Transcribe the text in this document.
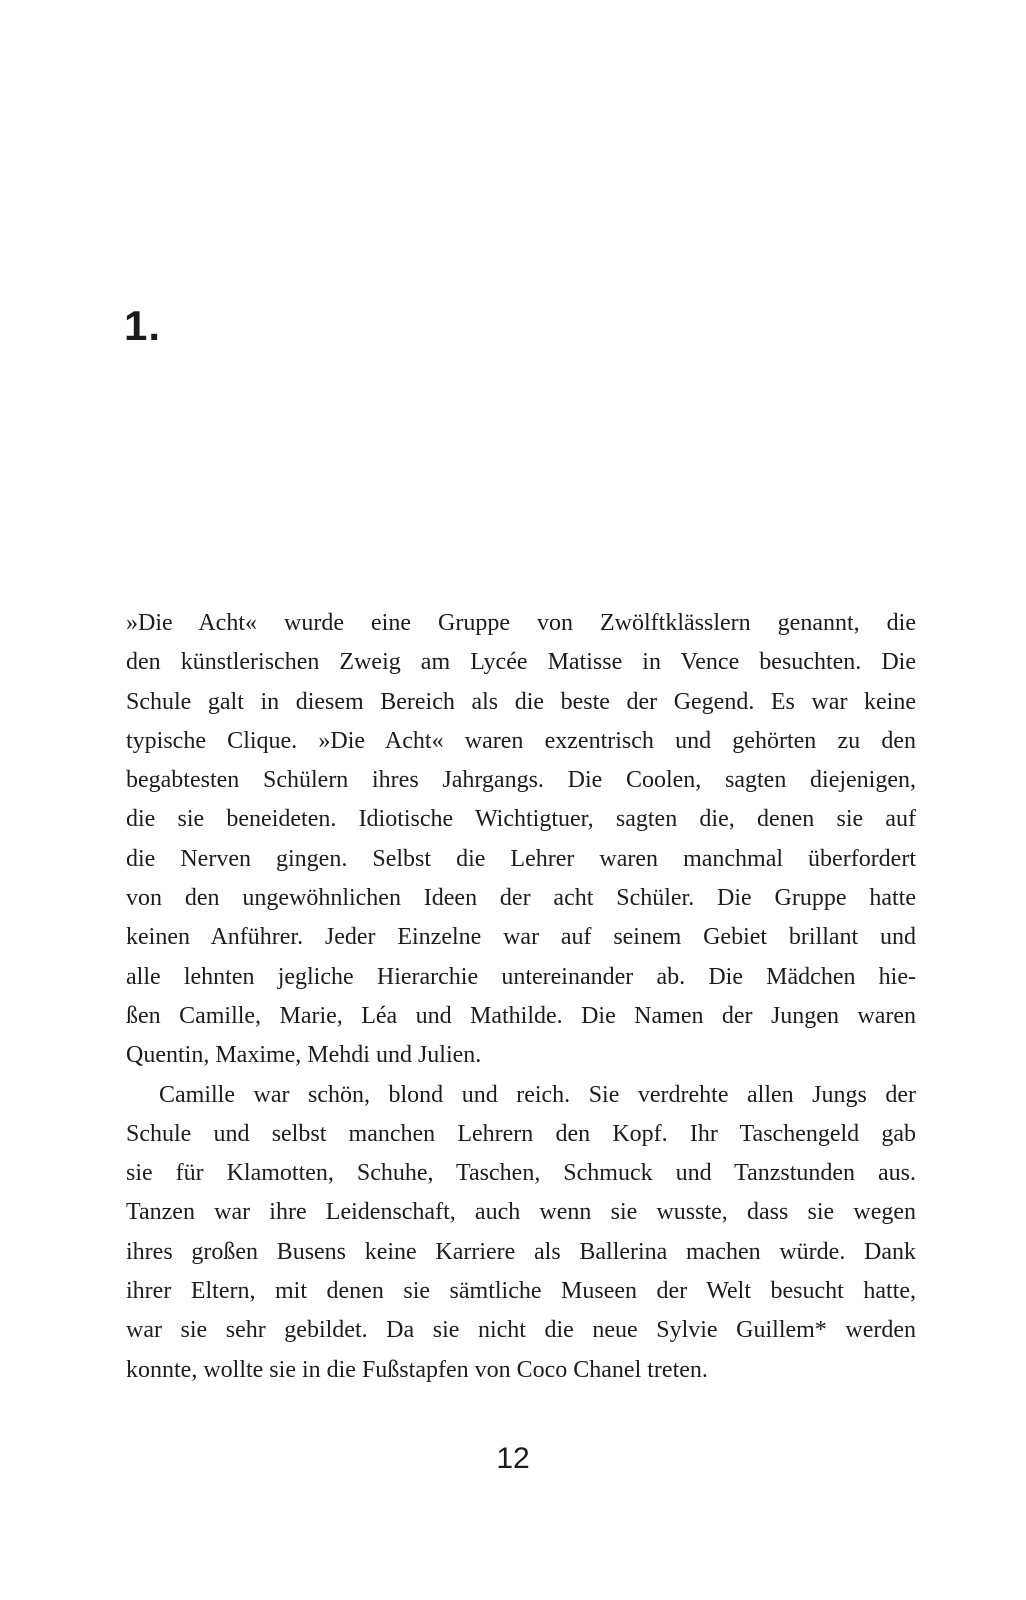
1.
»Die Acht« wurde eine Gruppe von Zwölftklässlern genannt, die
den künstlerischen Zweig am Lycée Matisse in Vence besuchten. Die
Schule galt in diesem Bereich als die beste der Gegend. Es war keine
typische Clique. »Die Acht« waren exzentrisch und gehörten zu den
begabtesten Schülern ihres Jahrgangs. Die Coolen, sagten diejenigen,
die sie beneideten. Idiotische Wichtigtuer, sagten die, denen sie auf
die Nerven gingen. Selbst die Lehrer waren manchmal überfordert
von den ungewöhnlichen Ideen der acht Schüler. Die Gruppe hatte
keinen Anführer. Jeder Einzelne war auf seinem Gebiet brillant und
alle lehnten jegliche Hierarchie untereinander ab. Die Mädchen hie-
ßen Camille, Marie, Léa und Mathilde. Die Namen der Jungen waren
Quentin, Maxime, Mehdi und Julien.
Camille war schön, blond und reich. Sie verdrehte allen Jungs der
Schule und selbst manchen Lehrern den Kopf. Ihr Taschengeld gab
sie für Klamotten, Schuhe, Taschen, Schmuck und Tanzstunden aus.
Tanzen war ihre Leidenschaft, auch wenn sie wusste, dass sie wegen
ihres großen Busens keine Karriere als Ballerina machen würde. Dank
ihrer Eltern, mit denen sie sämtliche Museen der Welt besucht hatte,
war sie sehr gebildet. Da sie nicht die neue Sylvie Guillem* werden
konnte, wollte sie in die Fußstapfen von Coco Chanel treten.
12
